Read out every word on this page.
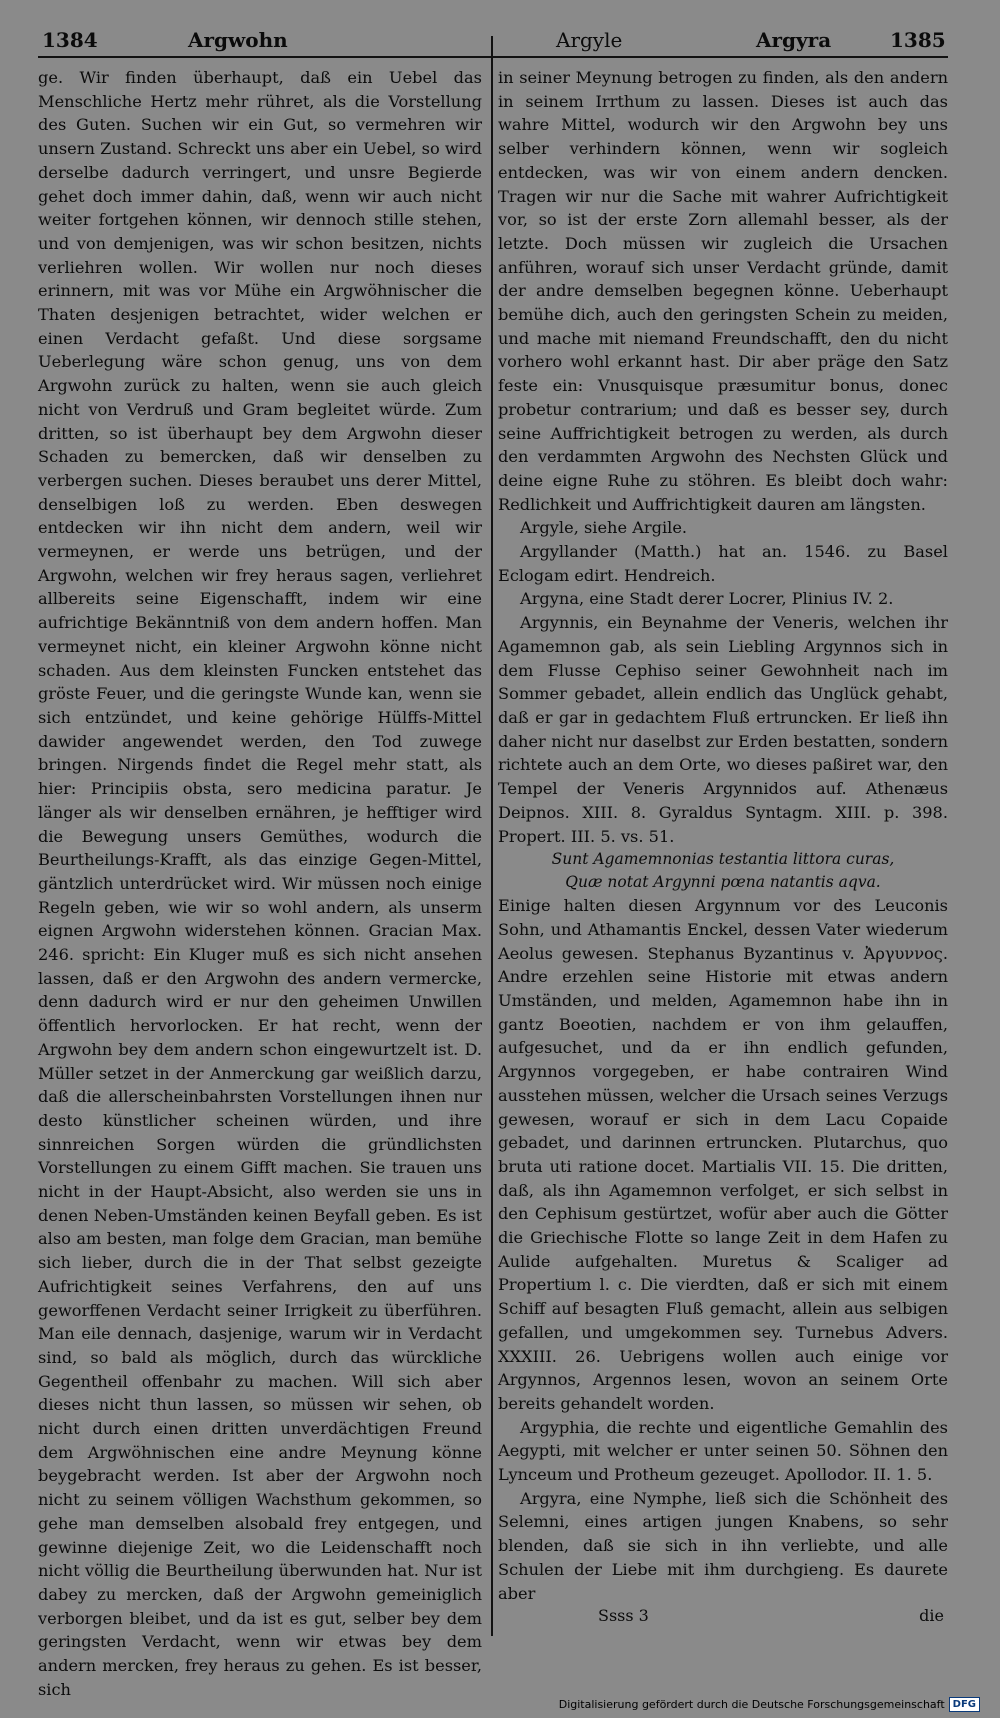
1384	Argwohn	Argyle	Argyra	1385

ge. Wir finden überhaupt, daß ein Uebel das Menschliche Hertz mehr rühret, als die Vorstellung des Guten. Suchen wir ein Gut, so vermehren wir unsern Zustand. Schreckt uns aber ein Uebel, so wird derselbe dadurch verringert, und unsre Begierde gehet doch immer dahin, daß, wenn wir auch nicht weiter fortgehen können, wir dennoch stille stehen, und von demjenigen, was wir schon besitzen, nichts verliehren wollen. Wir wollen nur noch dieses erinnern, mit was vor Mühe ein Argwöhnischer die Thaten desjenigen betrachtet, wider welchen er einen Verdacht gefaßt. Und diese sorgsame Ueberlegung wäre schon genug, uns von dem Argwohn zurück zu halten, wenn sie auch gleich nicht von Verdruß und Gram begleitet würde. Zum dritten, so ist überhaupt bey dem Argwohn dieser Schaden zu bemercken, daß wir denselben zu verbergen suchen. Dieses beraubet uns derer Mittel, denselbigen loß zu werden. Eben deswegen entdecken wir ihn nicht dem andern, weil wir vermeynen, er werde uns betrügen, und der Argwohn, welchen wir frey heraus sagen, verliehret allbereits seine Eigenschafft, indem wir eine aufrichtige Bekänntniß von dem andern hoffen. Man vermeynet nicht, ein kleiner Argwohn könne nicht schaden. Aus dem kleinsten Funcken entstehet das gröste Feuer, und die geringste Wunde kan, wenn sie sich entzündet, und keine gehörige Hülffs-Mittel dawider angewendet werden, den Tod zuwege bringen. Nirgends findet die Regel mehr statt, als hier: Principiis obsta, sero medicina paratur. Je länger als wir denselben ernähren, je hefftiger wird die Bewegung unsers Gemüthes, wodurch die Beurtheilungs-Krafft, als das einzige Gegen-Mittel, gäntzlich unterdrücket wird. Wir müssen noch einige Regeln geben, wie wir so wohl andern, als unserm eignen Argwohn widerstehen können. Gracian Max. 246. spricht: Ein Kluger muß es sich nicht ansehen lassen, daß er den Argwohn des andern vermercke, denn dadurch wird er nur den geheimen Unwillen öffentlich hervorlocken. Er hat recht, wenn der Argwohn bey dem andern schon eingewurtzelt ist. D. Müller setzet in der Anmerckung gar weißlich darzu, daß die allerscheinbahrsten Vorstellungen ihnen nur desto künstlicher scheinen würden, und ihre sinnreichen Sorgen würden die gründlichsten Vorstellungen zu einem Gifft machen. Sie trauen uns nicht in der Haupt-Absicht, also werden sie uns in denen Neben-Umständen keinen Beyfall geben. Es ist also am besten, man folge dem Gracian, man bemühe sich lieber, durch die in der That selbst gezeigte Aufrichtigkeit seines Verfahrens, den auf uns geworffenen Verdacht seiner Irrigkeit zu überführen. Man eile dennach, dasjenige, warum wir in Verdacht sind, so bald als möglich, durch das würckliche Gegentheil offenbahr zu machen. Will sich aber dieses nicht thun lassen, so müssen wir sehen, ob nicht durch einen dritten unverdächtigen Freund dem Argwöhnischen eine andre Meynung könne beygebracht werden. Ist aber der Argwohn noch nicht zu seinem völligen Wachsthum gekommen, so gehe man demselben alsobald frey entgegen, und gewinne diejenige Zeit, wo die Leidenschafft noch nicht völlig die Beurtheilung überwunden hat. Nur ist dabey zu mercken, daß der Argwohn gemeiniglich verborgen bleibet, und da ist es gut, selber bey dem geringsten Verdacht, wenn wir etwas bey dem andern mercken, frey heraus zu gehen. Es ist besser, sich

in seiner Meynung betrogen zu finden, als den andern in seinem Irrthum zu lassen. Dieses ist auch das wahre Mittel, wodurch wir den Argwohn bey uns selber verhindern können, wenn wir sogleich entdecken, was wir von einem andern dencken. Tragen wir nur die Sache mit wahrer Aufrichtigkeit vor, so ist der erste Zorn allemahl besser, als der letzte. Doch müssen wir zugleich die Ursachen anführen, worauf sich unser Verdacht gründe, damit der andre demselben begegnen könne. Ueberhaupt bemühe dich, auch den geringsten Schein zu meiden, und mache mit niemand Freundschafft, den du nicht vorhero wohl erkannt hast. Dir aber präge den Satz feste ein: Vnusquisque præsumitur bonus, donec probetur contrarium; und daß es besser sey, durch seine Auffrichtigkeit betrogen zu werden, als durch den verdammten Argwohn des Nechsten Glück und deine eigne Ruhe zu stöhren. Es bleibt doch wahr: Redlichkeit und Auffrichtigkeit dauren am längsten.

Argyle, siehe Argile.

Argyllander (Matth.) hat an. 1546. zu Basel Eclogam edirt. Hendreich.

Argyna, eine Stadt derer Locrer, Plinius IV. 2.

Argynnis, ein Beynahme der Veneris, welchen ihr Agamemnon gab, als sein Liebling Argynnos sich in dem Flusse Cephiso seiner Gewohnheit nach im Sommer gebadet, allein endlich das Unglück gehabt, daß er gar in gedachtem Fluß ertruncken. Er ließ ihn daher nicht nur daselbst zur Erden bestatten, sondern richtete auch an dem Orte, wo dieses paßiret war, den Tempel der Veneris Argynnidos auf. Athenæus Deipnos. XIII. 8. Gyraldus Syntagm. XIII. p. 398. Propert. III. 5. vs. 51.

Sunt Agamemnonias testantia littora curas,

Quæ notat Argynni pœna natantis aqva.

Einige halten diesen Argynnum vor des Leuconis Sohn, und Athamantis Enckel, dessen Vater wiederum Aeolus gewesen. Stephanus Byzantinus v. Ἀργυννος. Andre erzehlen seine Historie mit etwas andern Umständen, und melden, Agamemnon habe ihn in gantz Boeotien, nachdem er von ihm gelauffen, aufgesuchet, und da er ihn endlich gefunden, Argynnos vorgegeben, er habe contrairen Wind ausstehen müssen, welcher die Ursach seines Verzugs gewesen, worauf er sich in dem Lacu Copaide gebadet, und darinnen ertruncken. Plutarchus, quo bruta uti ratione docet. Martialis VII. 15. Die dritten, daß, als ihn Agamemnon verfolget, er sich selbst in den Cephisum gestürtzet, wofür aber auch die Götter die Griechische Flotte so lange Zeit in dem Hafen zu Aulide aufgehalten. Muretus & Scaliger ad Propertium l. c. Die vierdten, daß er sich mit einem Schiff auf besagten Fluß gemacht, allein aus selbigen gefallen, und umgekommen sey. Turnebus Advers. XXXIII. 26. Uebrigens wollen auch einige vor Argynnos, Argennos lesen, wovon an seinem Orte bereits gehandelt worden.

Argyphia, die rechte und eigentliche Gemahlin des Aegypti, mit welcher er unter seinen 50. Söhnen den Lynceum und Protheum gezeuget. Apollodor. II. 1. 5.

Argyra, eine Nymphe, ließ sich die Schönheit des Selemni, eines artigen jungen Knabens, so sehr blenden, daß sie sich in ihn verliebte, und alle Schulen der Liebe mit ihm durchgieng. Es daurete aber

Ssss 3	die
Digitalisierung gefördert durch die Deutsche Forschungsgemeinschaft DFG
